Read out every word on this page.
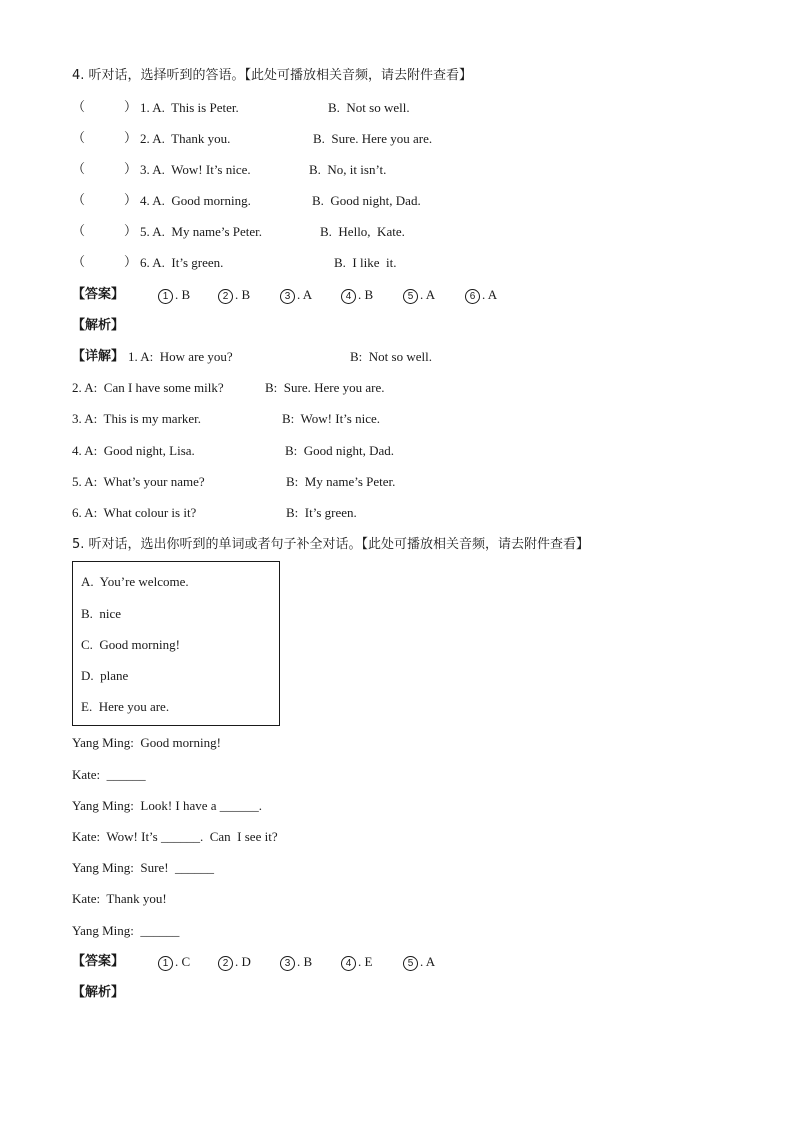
4. 听对话，选择听到的答语。【此处可播放相关音频，请去附件查看】
（　　　） 1. A.  This is Peter.	B.  Not so well.
（　　　） 2. A.  Thank you.	B.  Sure. Here you are.
（　　　） 3. A.  Wow! It’s nice.	B.  No, it isn’t.
（　　　） 4. A.  Good morning.	B.  Good night, Dad.
（　　　） 5. A.  My name’s Peter.	B.  Hello,  Kate.
（　　　） 6. A.  It’s green.	B.  I like  it.
【答案】	1 . B	2 . B	3 . A	4 . B	5 . A	6 . A
【解析】
【详解】 1. A:  How are you?	B:  Not so well.
2. A:  Can I have some milk?	B:  Sure. Here you are.
3. A:  This is my marker.	B:  Wow! It’s nice.
4. A:  Good night, Lisa.	B:  Good night, Dad.
5. A:  What’s your name?	B:  My name’s Peter.
6. A:  What colour is it?	B:  It’s green.
5. 听对话，选出你听到的单词或者句子补全对话。【此处可播放相关音频，请去附件查看】
A.  You’re welcome.
B.  nice
C.  Good morning!
D.  plane
E.  Here you are.
Yang Ming:  Good morning!
Kate:  ______
Yang Ming:  Look! I have a ______.
Kate:  Wow! It’s ______.  Can  I see it?
Yang Ming:  Sure!  ______
Kate:  Thank you!
Yang Ming:  ______
【答案】	1 . C	2 . D	3 . B	4 . E	5 . A
【解析】
